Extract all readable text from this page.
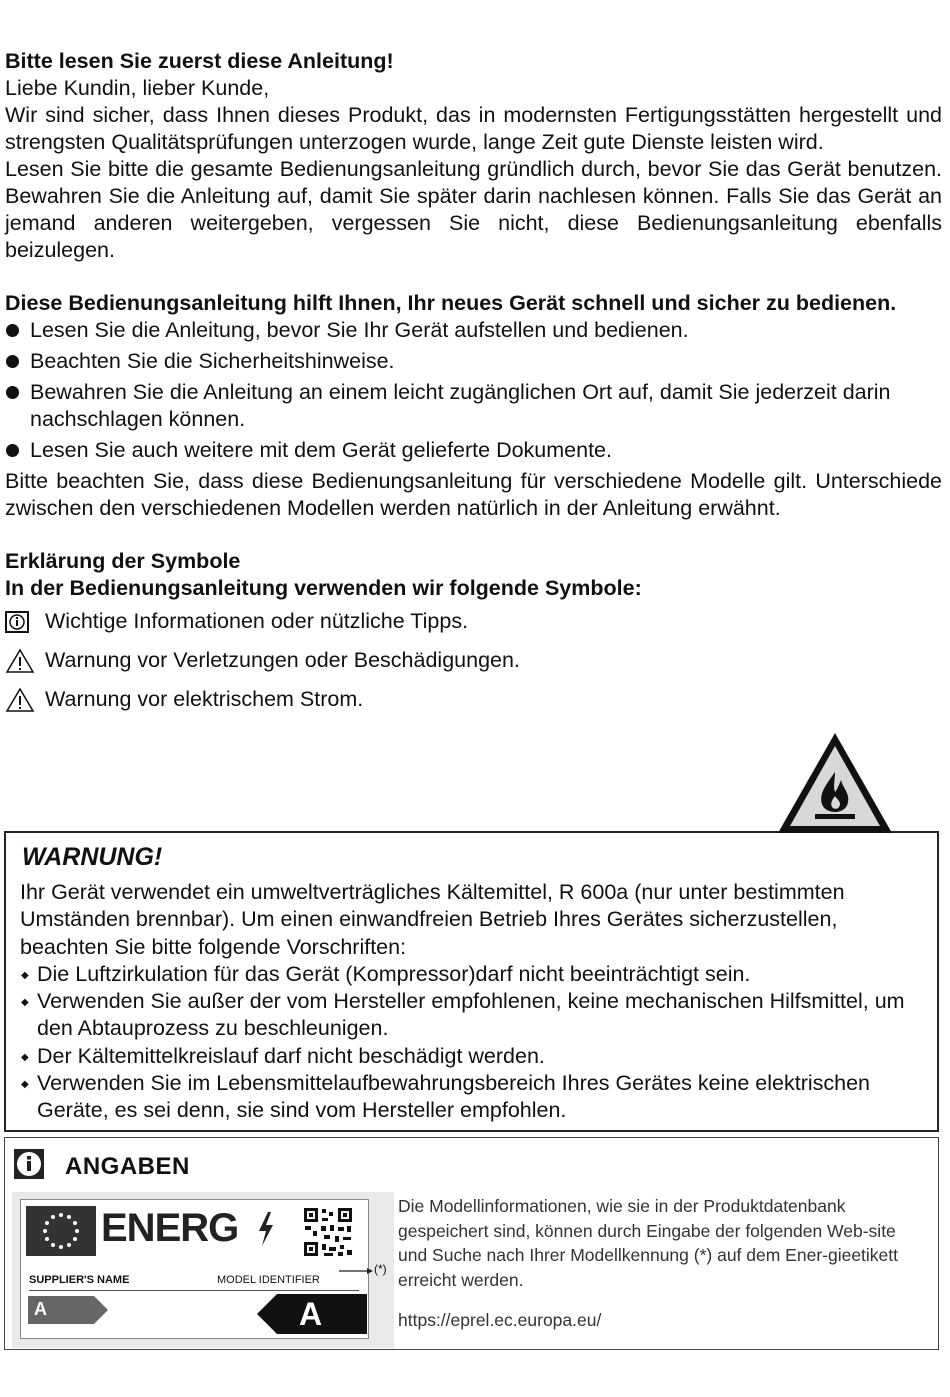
Bitte lesen Sie zuerst diese Anleitung!

Liebe Kundin, lieber Kunde,

Wir sind sicher, dass Ihnen dieses Produkt, das in modernsten Fertigungsstätten hergestellt und strengsten Qualitätsprüfungen unterzogen wurde, lange Zeit gute Dienste leisten wird.

Lesen Sie bitte die gesamte Bedienungsanleitung gründlich durch, bevor Sie das Gerät benutzen. Bewahren Sie die Anleitung auf, damit Sie später darin nachlesen können. Falls Sie das Gerät an jemand anderen weitergeben, vergessen Sie nicht, diese Bedienungsanleitung ebenfalls beizulegen.

Diese Bedienungsanleitung hilft Ihnen, Ihr neues Gerät schnell und sicher zu bedienen.

Lesen Sie die Anleitung, bevor Sie Ihr Gerät aufstellen und bedienen.
Beachten Sie die Sicherheitshinweise.
Bewahren Sie die Anleitung an einem leicht zugänglichen Ort auf, damit Sie jederzeit darin nachschlagen können.
Lesen Sie auch weitere mit dem Gerät gelieferte Dokumente.

Bitte beachten Sie, dass diese Bedienungsanleitung für verschiedene Modelle gilt. Unterschiede zwischen den verschiedenen Modellen werden natürlich in der Anleitung erwähnt.

Erklärung der Symbole

In der Bedienungsanleitung verwenden wir folgende Symbole:

Wichtige Informationen oder nützliche Tipps.
Warnung vor Verletzungen oder Beschädigungen.
Warnung vor elektrischem Strom.
WARNUNG!

Ihr Gerät verwendet ein umweltverträgliches Kältemittel, R 600a (nur unter bestimmten Umständen brennbar). Um einen einwandfreien Betrieb Ihres Gerätes sicherzustellen, beachten Sie bitte folgende Vorschriften:

◆ Die Luftzirkulation für das Gerät (Kompressor)darf nicht beeinträchtigt sein.
◆ Verwenden Sie außer der vom Hersteller empfohlenen, keine mechanischen Hilfsmittel, um den Abtauprozess zu beschleunigen.
◆ Der Kältemittelkreislauf darf nicht beschädigt werden.
◆ Verwenden Sie im Lebensmittelaufbewahrungsbereich Ihres Gerätes keine elektrischen Geräte, es sei denn, sie sind vom Hersteller empfohlen.
ANGABEN
ENERG
SUPPLIER'S NAME	MODEL IDENTIFIER
A	A
(*)
Die Modellinformationen, wie sie in der Produktdatenbank gespeichert sind, können durch Eingabe der folgenden Web-site und Suche nach Ihrer Modellkennung (*) auf dem Ener-gieetikett erreicht werden.
https://eprel.ec.europa.eu/
